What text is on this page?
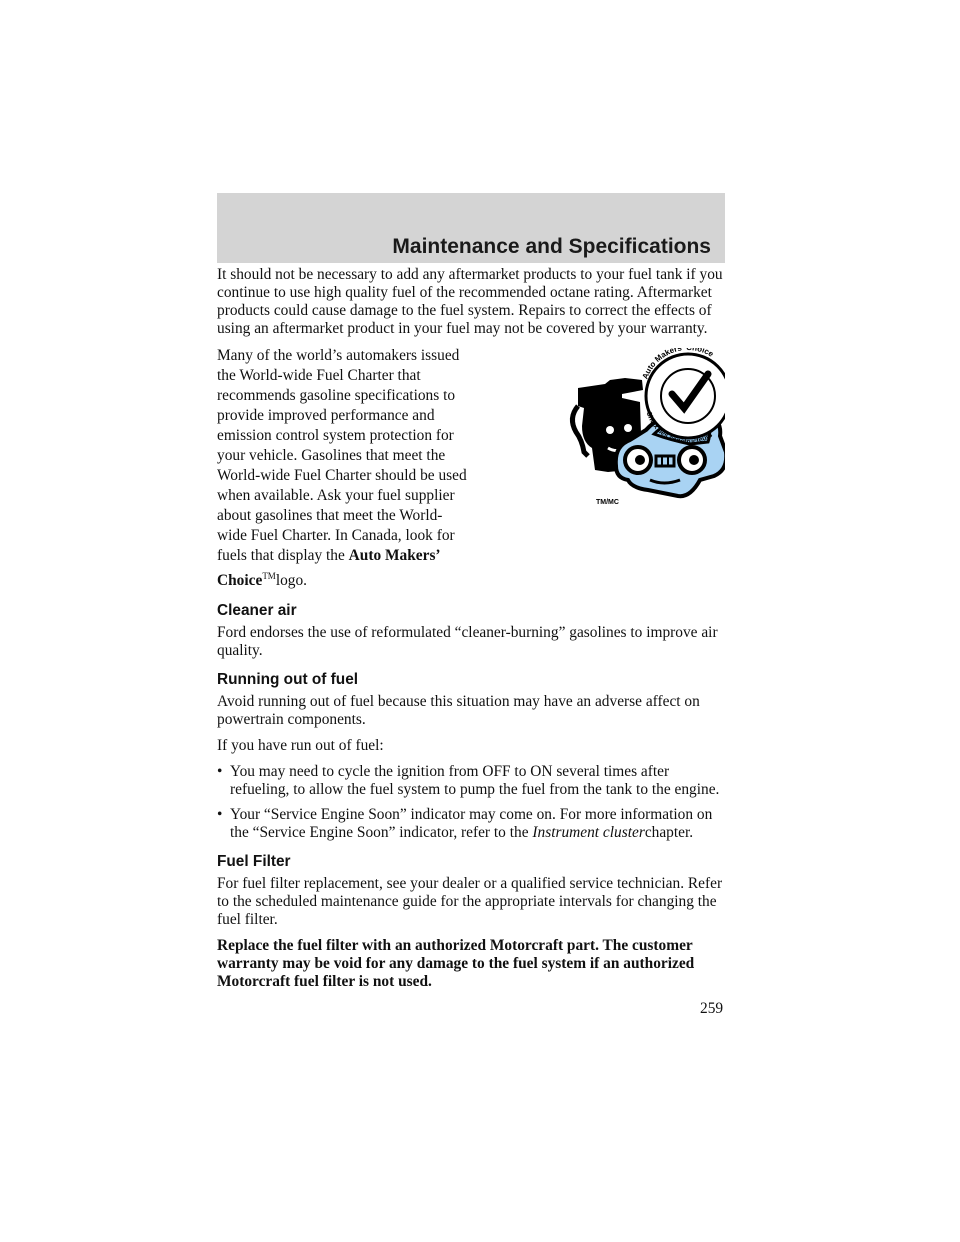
Maintenance and Specifications

It should not be necessary to add any aftermarket products to your fuel tank if you continue to use high quality fuel of the recommended octane rating. Aftermarket products could cause damage to the fuel system. Repairs to correct the effects of using an aftermarket product in your fuel may not be covered by your warranty.

Many of the world’s automakers issued the World-wide Fuel Charter that recommends gasoline specifications to provide improved performance and emission control system protection for your vehicle. Gasolines that meet the World-wide Fuel Charter should be used when available. Ask your fuel supplier about gasolines that meet the World-wide Fuel Charter. In Canada, look for fuels that display the Auto Makers’ Choice™logo.
Auto Makers oice
Choix des constructeurs
TM/MC
Cleaner air

Ford endorses the use of reformulated “cleaner-burning” gasolines to improve air quality.

Running out of fuel

Avoid running out of fuel because this situation may have an adverse affect on powertrain components.

If you have run out of fuel:

• You may need to cycle the ignition from OFF to ON several times after refueling, to allow the fuel system to pump the fuel from the tank to the engine.
• Your “Service Engine Soon” indicator may come on. For more information on the “Service Engine Soon” indicator, refer to the Instrument clusterchapter.
Fuel Filter

For fuel filter replacement, see your dealer or a qualified service technician. Refer to the scheduled maintenance guide for the appropriate intervals for changing the fuel filter.

Replace the fuel filter with an authorized Motorcraft part. The customer warranty may be void for any damage to the fuel system if an authorized Motorcraft fuel filter is not used.

259
